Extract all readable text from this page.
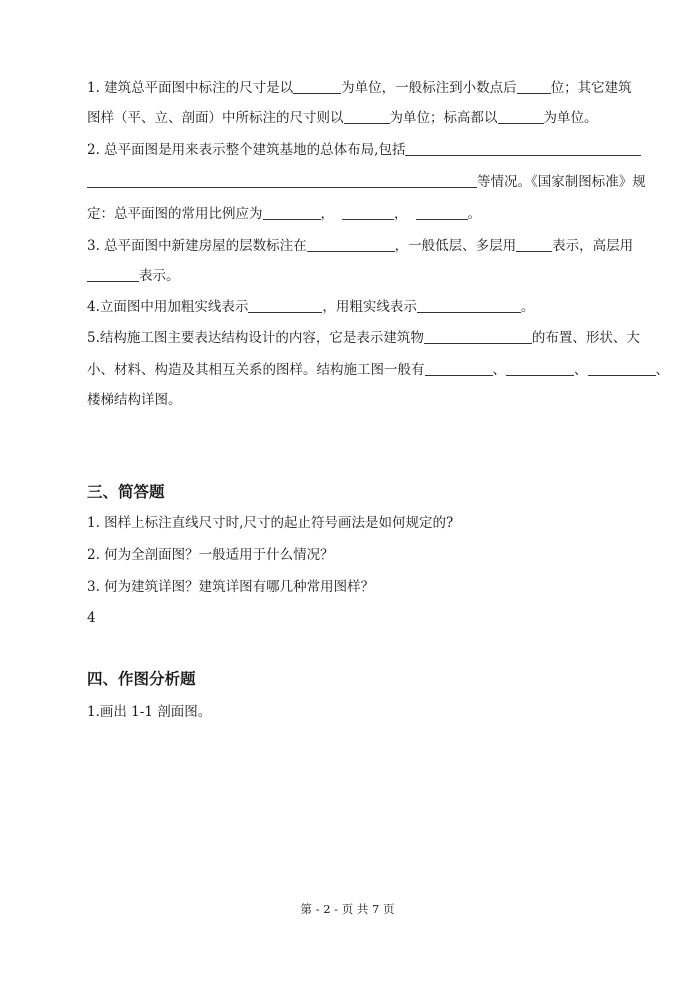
1. 建筑总平面图中标注的尺寸是以	为单位，一般标注到小数点后	位；其它建筑
图样（平、立、剖面）中所标注的尺寸则以	为单位；标高都以	为单位。
2. 总平面图是用来表示整个建筑基地的总体布局,包括
等情况。《国家制图标准》规
定：总平面图的常用比例应为	，	，	。
3. 总平面图中新建房屋的层数标注在	，一般低层、多层用	表示，高层用
表示。
4.立面图中用加粗实线表示	，用粗实线表示	。
5.结构施工图主要表达结构设计的内容，它是表示建筑物	的布置、形状、大
小、材料、构造及其相互关系的图样。结构施工图一般有	、	、	、
楼梯结构详图。
三、简答题
1. 图样上标注直线尺寸时,尺寸的起止符号画法是如何规定的?
2. 何为全剖面图？一般适用于什么情况？
3. 何为建筑详图？建筑详图有哪几种常用图样？
4
四、作图分析题
1.画出 1-1 剖面图。
第 - 2 - 页 共 7 页
